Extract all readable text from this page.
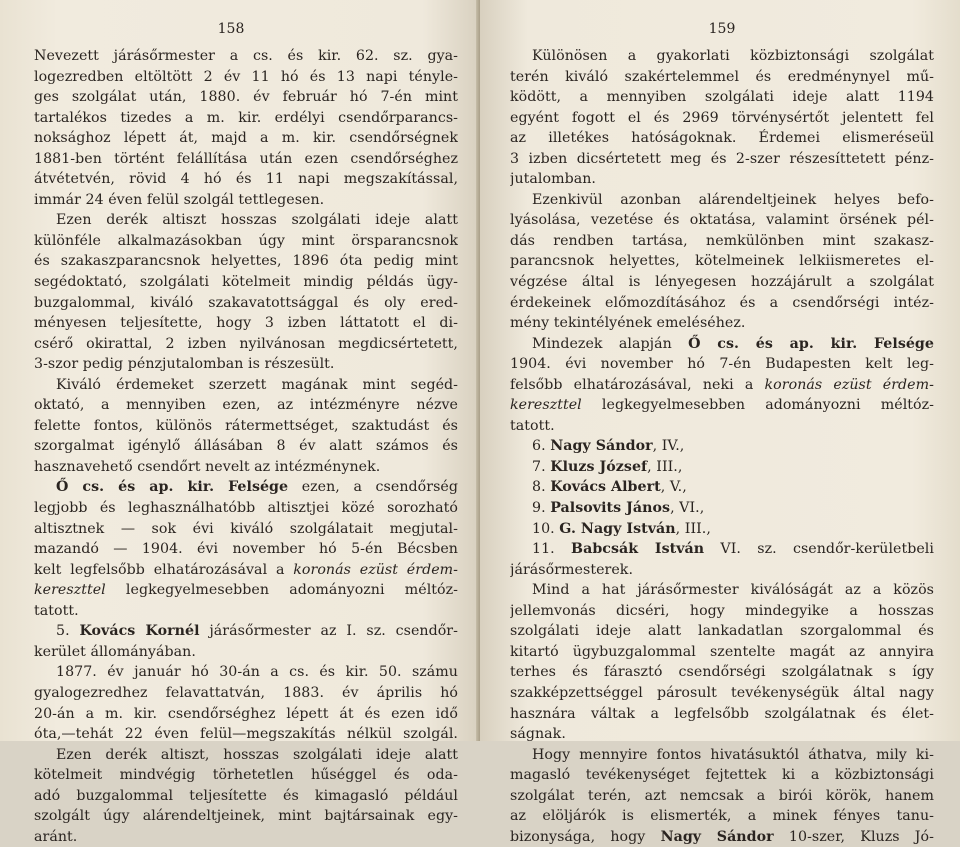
158
Nevezett járásőrmester a cs. és kir. 62. sz. gya-
logezredben eltöltött 2 év 11 hó és 13 napi tényle-
ges szolgálat után, 1880. év február hó 7-én mint
tartalékos tizedes a m. kir. erdélyi csendőrparancs-
noksághoz lépett át, majd a m. kir. csendőrségnek
1881-ben történt felállítása után ezen csendőrséghez
átvétetvén, rövid 4 hó és 11 napi megszakítással,
immár 24 éven felül szolgál tettlegesen.
Ezen derék altiszt hosszas szolgálati ideje alatt
különféle alkalmazásokban úgy mint örsparancsnok
és szakaszparancsnok helyettes, 1896 óta pedig mint
segédoktató, szolgálati kötelmeit mindig példás ügy-
buzgalommal, kiváló szakavatottsággal és oly ered-
ményesen teljesítette, hogy 3 izben láttatott el di-
csérő okirattal, 2 izben nyilvánosan megdicsértetett,
3-szor pedig pénzjutalomban is részesült.
Kiváló érdemeket szerzett magának mint segéd-
oktató, a mennyiben ezen, az intézményre nézve
felette fontos, különös rátermettséget, szaktudást és
szorgalmat igénylő állásában 8 év alatt számos és
hasznavehető csendőrt nevelt az intézménynek.
Ő cs. és ap. kir. Felsége ezen, a csendőrség
legjobb és leghasználhatóbb altisztjei közé sorozható
altisztnek — sok évi kiváló szolgálatait megjutal-
mazandó — 1904. évi november hó 5-én Bécsben
kelt legfelsőbb elhatározásával a koronás ezüst érdem-
kereszttel legkegyelmesebben adományozni méltóz-
tatott.
5. Kovács Kornél járásőrmester az I. sz. csendőr-
kerület állományában.
1877. év január hó 30-án a cs. és kir. 50. számu
gyalogezredhez felavattatván, 1883. év április hó
20-án a m. kir. csendőrséghez lépett át és ezen idő
óta,—tehát 22 éven felül—megszakítás nélkül szolgál.
Ezen derék altiszt, hosszas szolgálati ideje alatt
kötelmeit mindvégig törhetetlen hűséggel és oda-
adó buzgalommal teljesítette és kimagasló például
szolgált úgy alárendeltjeinek, mint bajtársainak egy-
aránt.
159
Különösen a gyakorlati közbiztonsági szolgálat
terén kiváló szakértelemmel és eredménynyel mű-
ködött, a mennyiben szolgálati ideje alatt 1194
egyént fogott el és 2969 törvénysértőt jelentett fel
az illetékes hatóságoknak. Érdemei elismeréseül
3 izben dicsértetett meg és 2-szer részesíttetett pénz-
jutalomban.
Ezenkivül azonban alárendeltjeinek helyes befo-
lyásolása, vezetése és oktatása, valamint örsének pél-
dás rendben tartása, nemkülönben mint szakasz-
parancsnok helyettes, kötelmeinek lelkiismeretes el-
végzése által is lényegesen hozzájárult a szolgálat
érdekeinek előmozdításához és a csendőrségi intéz-
mény tekintélyének emeléséhez.
Mindezek alapján Ő cs. és ap. kir. Felsége
1904. évi november hó 7-én Budapesten kelt leg-
felsőbb elhatározásával, neki a koronás ezüst érdem-
kereszttel legkegyelmesebben adományozni méltóz-
tatott.
6. Nagy Sándor, IV.,
7. Kluzs József, III.,
8. Kovács Albert, V.,
9. Palsovits János, VI.,
10. G. Nagy István, III.,
11. Babcsák István VI. sz. csendőr-kerületbeli
járásőrmesterek.
Mind a hat járásőrmester kiválóságát az a közös
jellemvonás dicséri, hogy mindegyike a hosszas
szolgálati ideje alatt lankadatlan szorgalommal és
kitartó ügybuzgalommal szentelte magát az annyira
terhes és fárasztó csendőrségi szolgálatnak s így
szakképzettséggel párosult tevékenységük által nagy
hasznára váltak a legfelsőbb szolgálatnak és élet-
ságnak.
Hogy mennyire fontos hivatásuktól áthatva, mily ki-
magasló tevékenységet fejtettek ki a közbiztonsági
szolgálat terén, azt nemcsak a birói körök, hanem
az elöljárók is elismerték, a minek fényes tanu-
bizonysága, hogy Nagy Sándor 10-szer, Kluzs Jó-
